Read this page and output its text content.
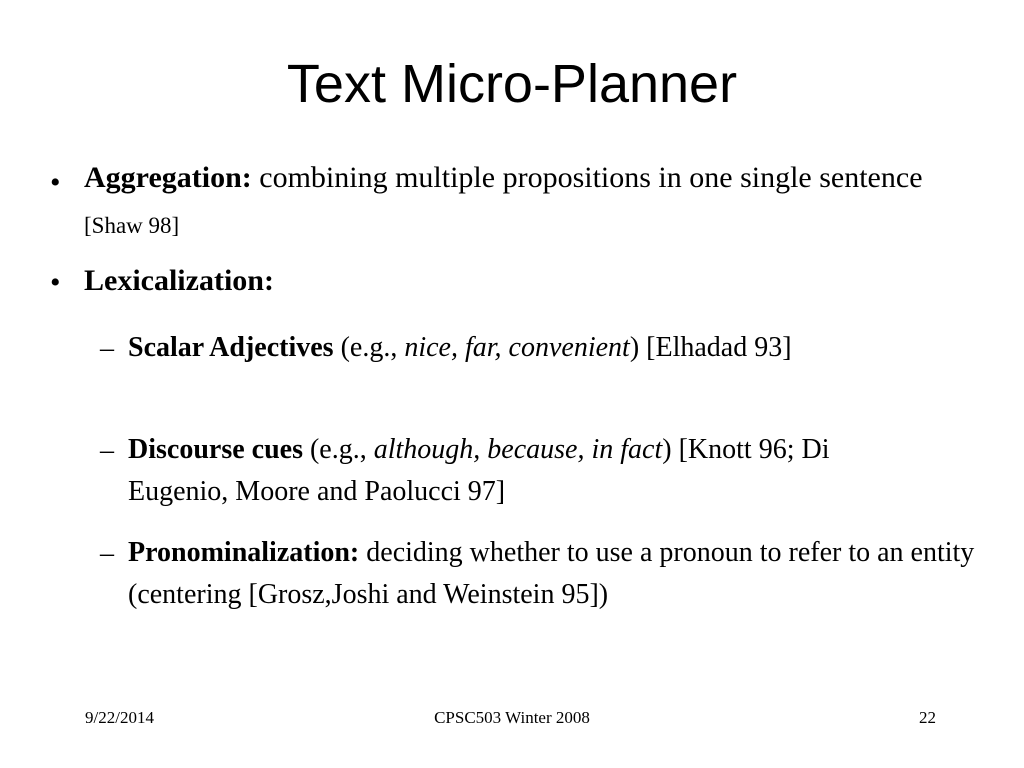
Text Micro-Planner
• Aggregation: combining multiple propositions in one single sentence [Shaw 98]
• Lexicalization:
– Scalar Adjectives (e.g., nice, far, convenient) [Elhadad 93]
– Discourse cues (e.g., although, because, in fact) [Knott 96; Di Eugenio, Moore and Paolucci 97]
– Pronominalization: deciding whether to use a pronoun to refer to an entity (centering [Grosz,Joshi and Weinstein 95])
9/22/2014	CPSC503 Winter 2008	22
